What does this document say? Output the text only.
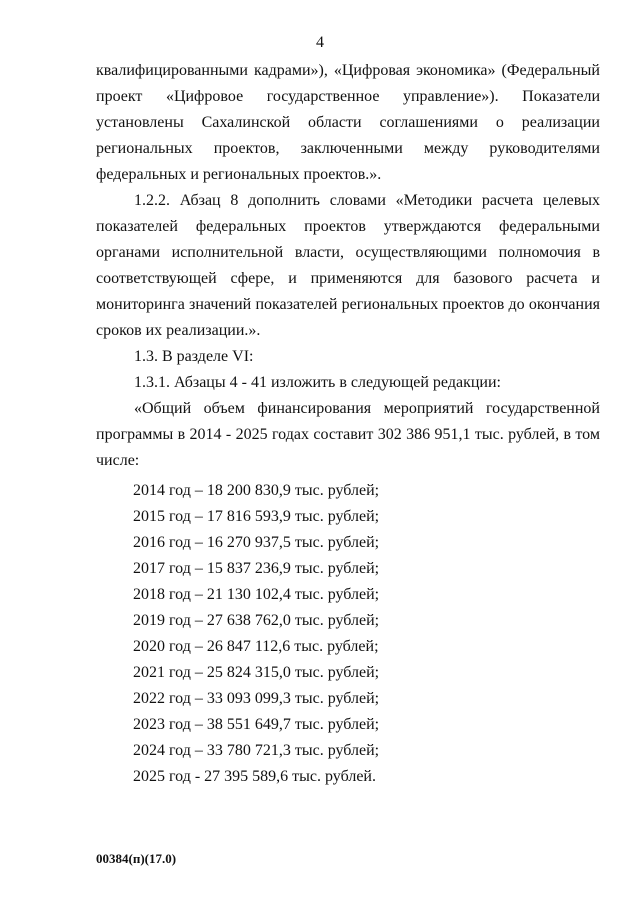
4

квалифицированными кадрами»), «Цифровая экономика» (Федеральный проект «Цифровое государственное управление»). Показатели установлены Сахалинской области соглашениями о реализации региональных проектов, заключенными между руководителями федеральных и региональных проектов.».

1.2.2. Абзац 8 дополнить словами «Методики расчета целевых показателей федеральных проектов утверждаются федеральными органами исполнительной власти, осуществляющими полномочия в соответствующей сфере, и применяются для базового расчета и мониторинга значений показателей региональных проектов до окончания сроков их реализации.».

1.3. В разделе VI:

1.3.1. Абзацы 4 - 41 изложить в следующей редакции:

«Общий объем финансирования мероприятий государственной программы в 2014 - 2025 годах составит 302 386 951,1 тыс. рублей, в том числе:

2014 год – 18 200 830,9 тыс. рублей;
2015 год – 17 816 593,9 тыс. рублей;
2016 год – 16 270 937,5 тыс. рублей;
2017 год – 15 837 236,9 тыс. рублей;
2018 год – 21 130 102,4 тыс. рублей;
2019 год – 27 638 762,0 тыс. рублей;
2020 год – 26 847 112,6 тыс. рублей;
2021 год – 25 824 315,0 тыс. рублей;
2022 год – 33 093 099,3 тыс. рублей;
2023 год – 38 551 649,7 тыс. рублей;
2024 год – 33 780 721,3 тыс. рублей;
2025 год - 27 395 589,6 тыс. рублей.
00384(п)(17.0)
